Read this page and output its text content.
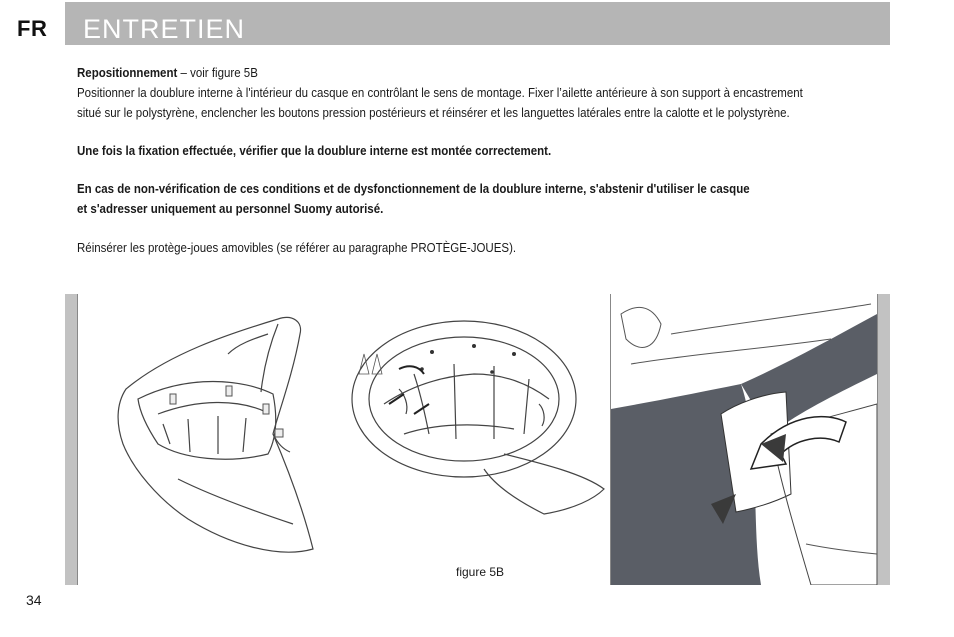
FR ENTRETIEN

Repositionnement – voir figure 5B

Positionner la doublure interne à l'intérieur du casque en contrôlant le sens de montage. Fixer l’ailette antérieure à son support à encastrement

situé sur le polystyrène, enclencher les boutons pression postérieurs et réinsérer et les languettes latérales entre la calotte et le polystyrène.

Une fois la fixation effectuée, vérifier que la doublure interne est montée correctement.

En cas de non-vérification de ces conditions et de dysfonctionnement de la doublure interne, s'abstenir d'utiliser le casque

et s'adresser uniquement au personnel Suomy autorisé.

Réinsérer les protège-joues amovibles (se référer au paragraphe PROTÈGE-JOUES).

figure 5B
34
